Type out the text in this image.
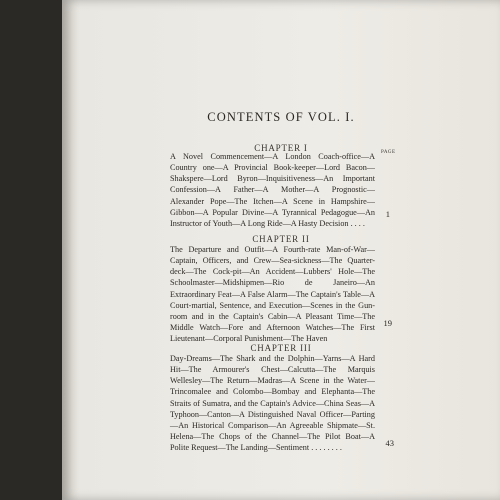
CONTENTS OF VOL. I.
CHAPTER I	PAGE

A Novel Commencement—A London Coach-office—A Country one—A Provincial Book-keeper—Lord Bacon—Shakspere—Lord Byron—Inquisitiveness—An Important Confession—A Father—A Mother—A Prognostic—Alexander Pope—The Itchen—A Scene in Hampshire—Gibbon—A Popular Divine—A Tyrannical Pedagogue—An Instructor of Youth—A Long Ride—A Hasty Decision . . . .

1
CHAPTER II

The Departure and Outfit—A Fourth-rate Man-of-War—Captain, Officers, and Crew—Sea-sickness—The Quarter-deck—The Cock-pit—An Accident—Lubbers' Hole—The Schoolmaster—Midshipmen—Rio de Janeiro—An Extraordinary Feat—A False Alarm—The Captain's Table—A Court-martial, Sentence, and Execution—Scenes in the Gun-room and in the Captain's Cabin—A Pleasant Time—The Middle Watch—Fore and Afternoon Watches—The First Lieutenant—Corporal Punishment—The Haven

19
CHAPTER III

Day-Dreams—The Shark and the Dolphin—Yarns—A Hard Hit—The Armourer's Chest—Calcutta—The Marquis Wellesley—The Return—Madras—A Scene in the Water—Trincomalee and Colombo—Bombay and Elephanta—The Straits of Sumatra, and the Captain's Advice—China Seas—A Typhoon—Canton—A Distinguished Naval Officer—Parting—An Historical Comparison—An Agreeable Shipmate—St. Helena—The Chops of the Channel—The Pilot Boat—A Polite Request—The Landing—Sentiment . . . . . . . .	43
